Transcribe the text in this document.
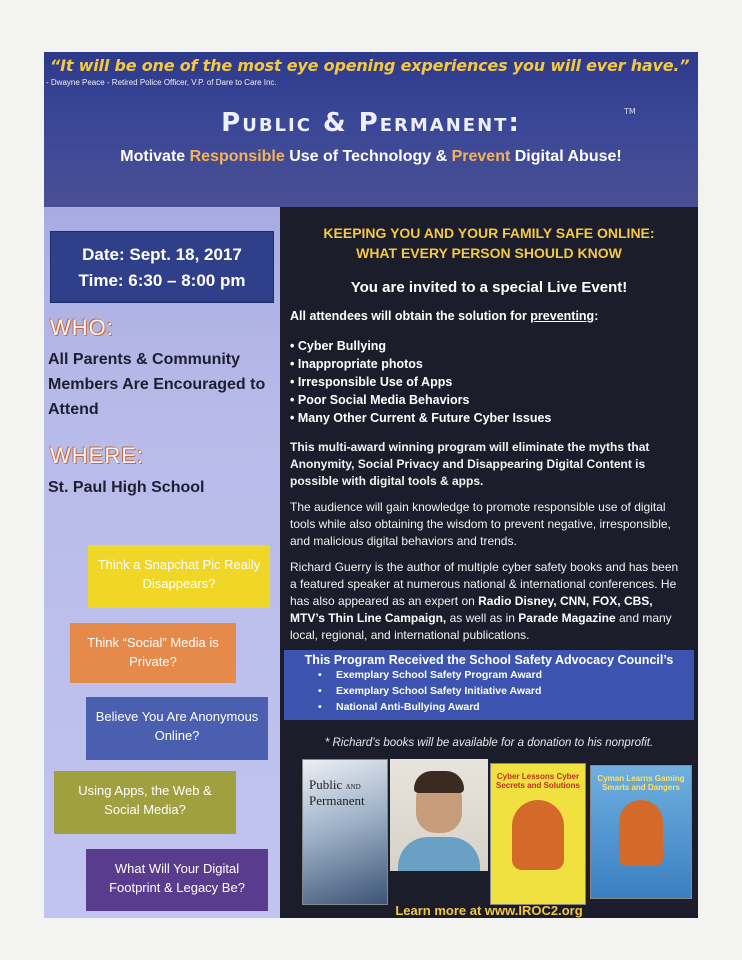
“It will be one of the most eye opening experiences you will ever have.”
- Dwayne Peace - Retired Police Officer, V.P. of Dare to Care Inc.
Public & Permanent:	TM
Motivate Responsible Use of Technology & Prevent Digital Abuse!
Date: Sept. 18, 2017
Time: 6:30 – 8:00 pm
WHO:
All Parents & Community Members Are Encouraged to Attend
WHERE:
St. Paul High School
Think a Snapchat Pic Really Disappears?
Think “Social” Media is Private?
Believe You Are Anonymous Online?
Using Apps, the Web & Social Media?
What Will Your Digital Footprint & Legacy Be?
KEEPING YOU AND YOUR FAMILY SAFE ONLINE:
WHAT EVERY PERSON SHOULD KNOW
You are invited to a special Live Event!
All attendees will obtain the solution for preventing:
• Cyber Bullying
• Inappropriate photos
• Irresponsible Use of Apps
• Poor Social Media Behaviors
• Many Other Current & Future Cyber Issues
This multi-award winning program will eliminate the myths that Anonymity, Social Privacy and Disappearing Digital Content is possible with digital tools & apps.
The audience will gain knowledge to promote responsible use of digital tools while also obtaining the wisdom to prevent negative, irresponsible, and malicious digital behaviors and trends.
Richard Guerry is the author of multiple cyber safety books and has been a featured speaker at numerous national & international conferences. He has also appeared as an expert on Radio Disney, CNN, FOX, CBS, MTV’s Thin Line Campaign, as well as in Parade Magazine and many local, regional, and international publications.
This Program Received the School Safety Advocacy Council’s
• Exemplary School Safety Program Award
• Exemplary School Safety Initiative Award
• National Anti-Bullying Award
* Richard’s books will be available for a donation to his nonprofit.
Public AND
Permanent
Cyber Lessons Cyber Secrets and Solutions
Cyman Learns Gaming Smarts and Dangers
Learn more at www.IROC2.org
